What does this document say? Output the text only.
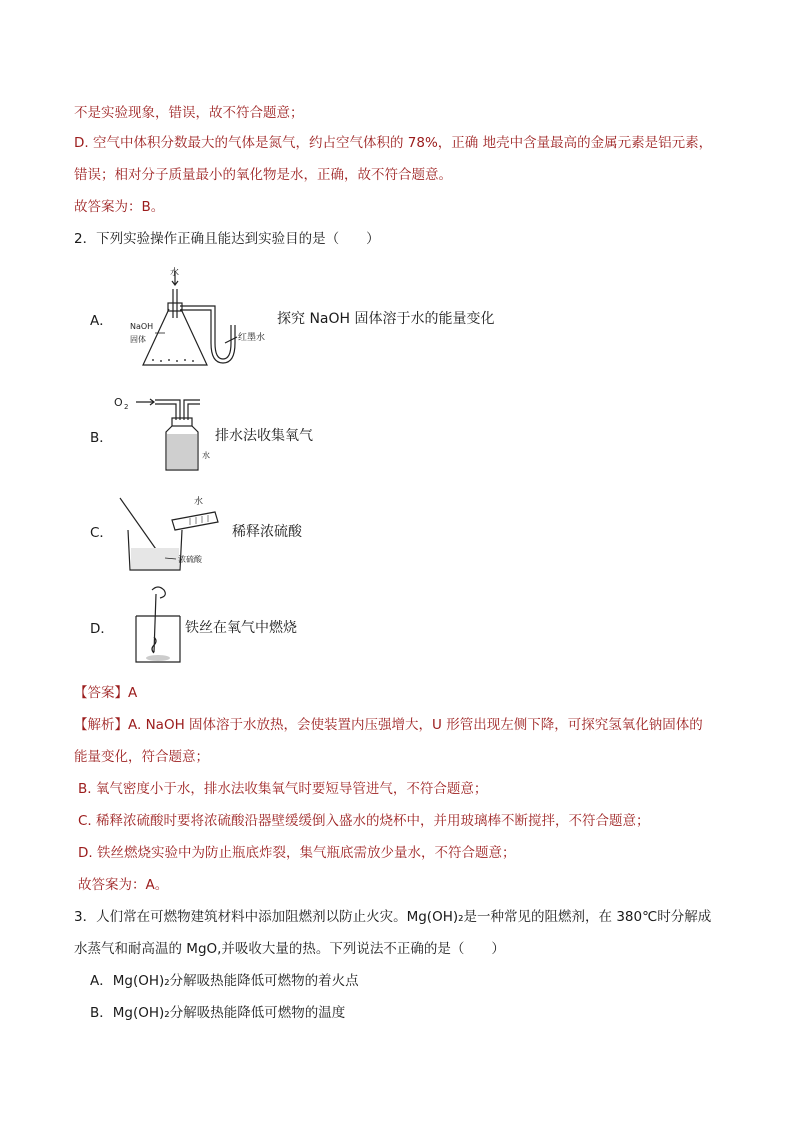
不是实验现象，错误，故不符合题意；
D. 空气中体积分数最大的气体是氮气，约占空气体积的 78%，正确 地壳中含量最高的金属元素是铝元素，
错误；相对分子质量最小的氧化物是水，正确，故不符合题意。
故答案为：B。
2．下列实验操作正确且能达到实验目的是（　　）
A．
水
NaOH
固体	红墨水
探究 NaOH 固体溶于水的能量变化
B．
O 2
水
排水法收集氧气
C．
水
浓硫酸
稀释浓硫酸
D．	铁丝在氧气中燃烧
【答案】A
【解析】A. NaOH 固体溶于水放热，会使装置内压强增大，U 形管出现左侧下降，可探究氢氧化钠固体的
能量变化，符合题意；
B. 氧气密度小于水，排水法收集氧气时要短导管进气，不符合题意；
C. 稀释浓硫酸时要将浓硫酸沿器壁缓缓倒入盛水的烧杯中，并用玻璃棒不断搅拌，不符合题意；
D. 铁丝燃烧实验中为防止瓶底炸裂，集气瓶底需放少量水，不符合题意；
故答案为：A。
3．人们常在可燃物建筑材料中添加阻燃剂以防止火灾。Mg(OH)₂是一种常见的阻燃剂，在 380℃时分解成
水蒸气和耐高温的 MgO,并吸收大量的热。下列说法不正确的是（　　）
A．Mg(OH)₂分解吸热能降低可燃物的着火点
B．Mg(OH)₂分解吸热能降低可燃物的温度
